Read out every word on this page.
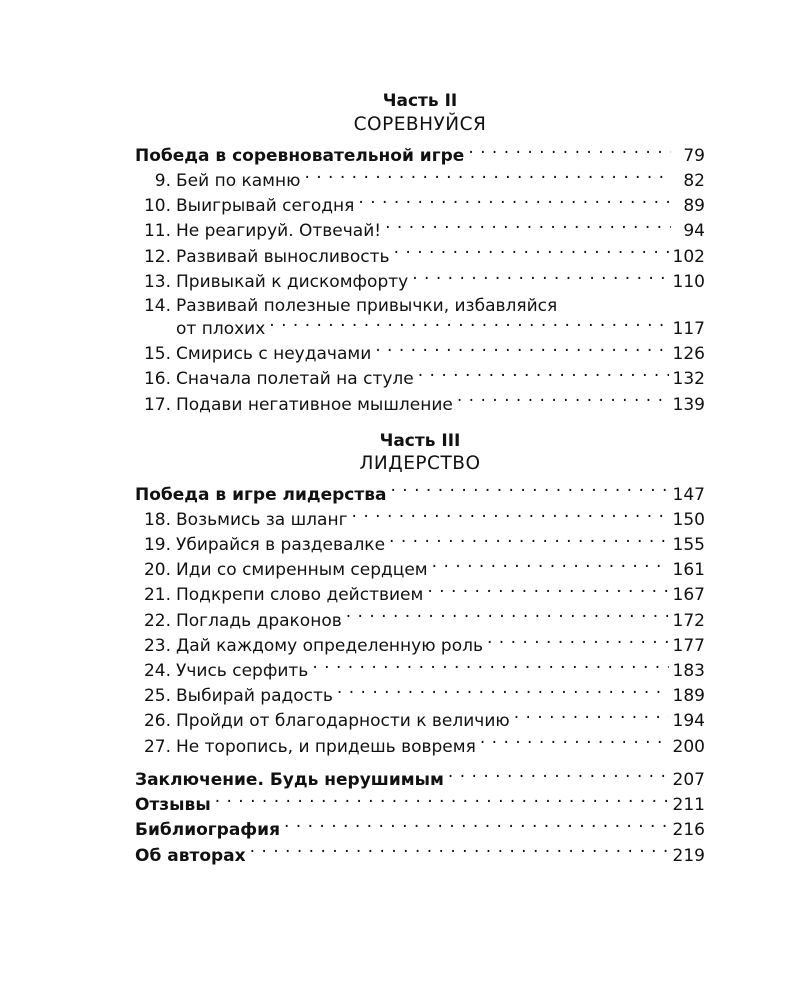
Часть II
СОРЕВНУЙСЯ
Победа в соревновательной игре . . .	79
9. Бей по камню . . .	82
10. Выигрывай сегодня . . .	89
11. Не реагируй. Отвечай! . . .	94
12. Развивай выносливость . . .	102
13. Привыкай к дискомфорту . . .	110
14. Развивай полезные привычки, избавляйся
от плохих . . .	117
15. Смирись с неудачами . . .	126
16. Сначала полетай на стуле . . .	132
17. Подави негативное мышление . . .	139
Часть III
ЛИДЕРСТВО
Победа в игре лидерства . . .	147
18. Возьмись за шланг . . .	150
19. Убирайся в раздевалке . . .	155
20. Иди со смиренным сердцем . . .	161
21. Подкрепи слово действием . . .	167
22. Погладь драконов . . .	172
23. Дай каждому определенную роль . . .	177
24. Учись серфить . . .	183
25. Выбирай радость . . .	189
26. Пройди от благодарности к величию . . .	194
27. Не торопись, и придешь вовремя . . .	200
Заключение. Будь нерушимым . . .	207
Отзывы . . .	211
Библиография . . .	216
Об авторах . . .	219
